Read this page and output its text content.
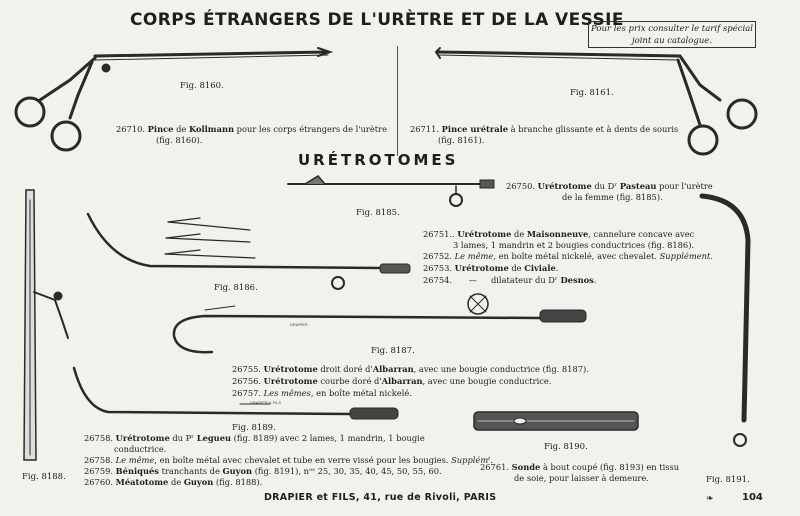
CORPS ÉTRANGERS DE L'URÈTRE ET DE LA VESSIE
Pour les prix consulter le tarif spécial
joint au catalogue.
DRAPIER
DRAPIER & FILS
Fig. 8160.
Fig. 8161.
Fig. 8185.
Fig. 8186.
Fig. 8187.
Fig. 8188.
Fig. 8189.
Fig. 8190.
Fig. 8191.
26710. Pince de Kollmann pour les corps étrangers de l'urètre
(fig. 8160).
26711. Pince urétrale à branche glissante et à dents de souris
(fig. 8161).
URÉTROTOMES
26750. Urétrotome du Dʳ Pasteau pour l'urètre
de la femme (fig. 8185).
26751.. Urétrotome de Maisonneuve, cannelure concave avec
3 lames, 1 mandrin et 2 bougies conductrices (fig. 8186).
26752. Le même, en boîte métal nickelé, avec chevalet. Supplément.
26753. Urétrotome de Civiale.
26754. — dilatateur du Dʳ Desnos.
26755. Urétrotome droit doré d'Albarran, avec une bougie conductrice (fig. 8187).
26756. Urétrotome courbe doré d'Albarran, avec une bougie conductrice.
26757. Les mêmes, en boîte métal nickelé.
26758. Urétrotome du Pʳ Legueu (fig. 8189) avec 2 lames, 1 mandrin, 1 bougie
conductrice.
26758. Le même, en boîte métal avec chevalet et tube en verre vissé pour les bougies. Supplémᵗ.
26759. Béniqués tranchants de Guyon (fig. 8191), nᵒˢ 25, 30, 35, 40, 45, 50, 55, 60.
26760. Méatotome de Guyon (fig. 8188).
26761. Sonde à bout coupé (fig. 8193) en tissu
de soie, pour laisser à demeure.
DRAPIER et FILS, 41, rue de Rivoli, PARIS	❧	104
